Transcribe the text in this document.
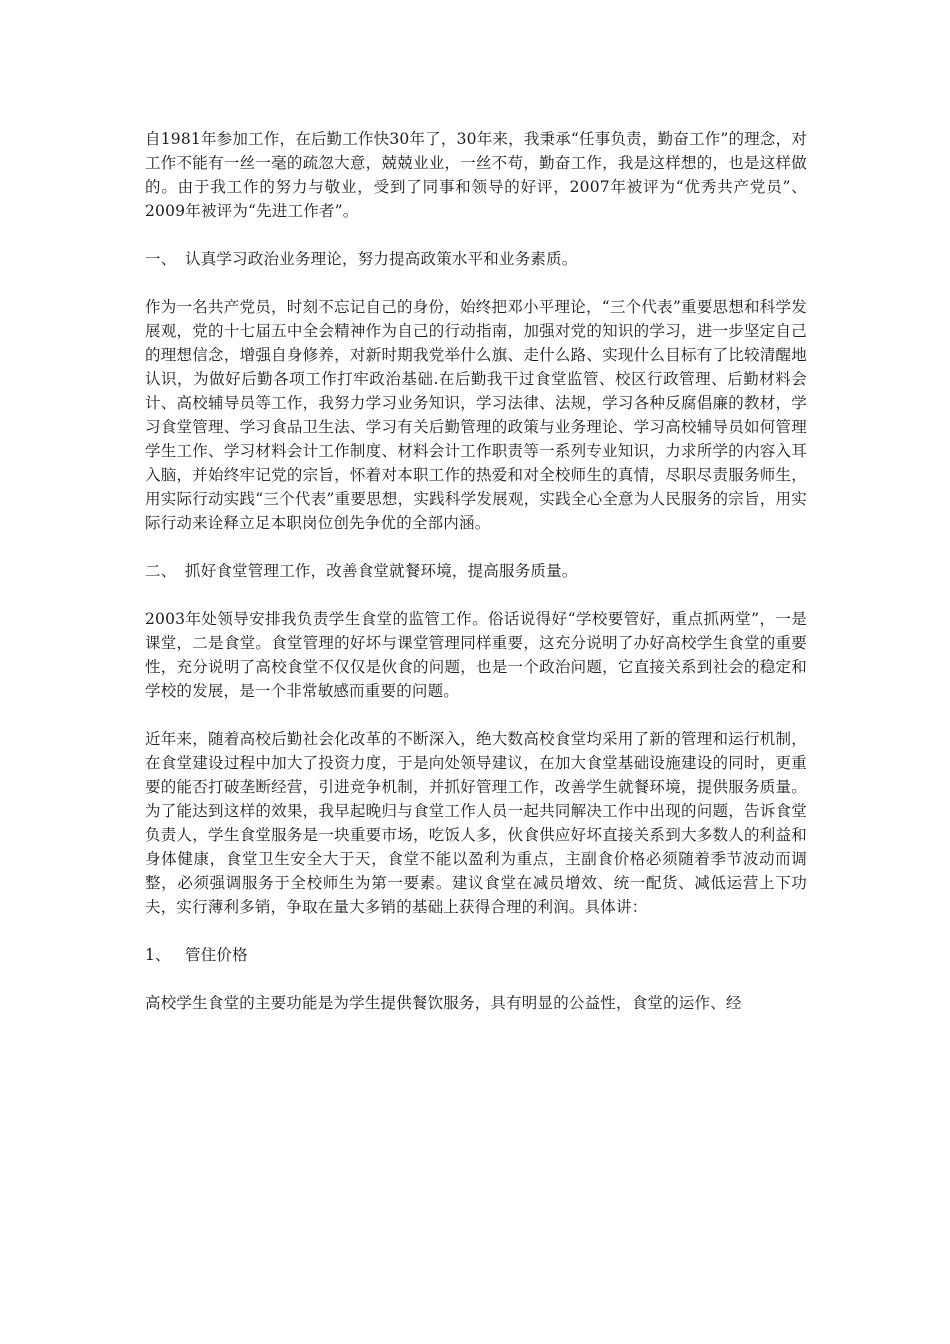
自1981年参加工作，在后勤工作快30年了，30年来，我秉承“任事负责，勤奋工作”的理念，对工作不能有一丝一毫的疏忽大意，兢兢业业，一丝不苟，勤奋工作，我是这样想的，也是这样做的。由于我工作的努力与敬业，受到了同事和领导的好评，2007年被评为“优秀共产党员”、2009年被评为“先进工作者”。

一、 认真学习政治业务理论，努力提高政策水平和业务素质。

作为一名共产党员，时刻不忘记自己的身份，始终把邓小平理论，“三个代表”重要思想和科学发展观，党的十七届五中全会精神作为自己的行动指南，加强对党的知识的学习，进一步坚定自己的理想信念，增强自身修养，对新时期我党举什么旗、走什么路、实现什么目标有了比较清醒地认识，为做好后勤各项工作打牢政治基础.在后勤我干过食堂监管、校区行政管理、后勤材料会计、高校辅导员等工作，我努力学习业务知识，学习法律、法规，学习各种反腐倡廉的教材，学习食堂管理、学习食品卫生法、学习有关后勤管理的政策与业务理论、学习高校辅导员如何管理学生工作、学习材料会计工作制度、材料会计工作职责等一系列专业知识，力求所学的内容入耳入脑，并始终牢记党的宗旨，怀着对本职工作的热爱和对全校师生的真情，尽职尽责服务师生，用实际行动实践“三个代表”重要思想，实践科学发展观，实践全心全意为人民服务的宗旨，用实际行动来诠释立足本职岗位创先争优的全部内涵。

二、 抓好食堂管理工作，改善食堂就餐环境，提高服务质量。

2003年处领导安排我负责学生食堂的监管工作。俗话说得好“学校要管好，重点抓两堂”，一是课堂，二是食堂。食堂管理的好坏与课堂管理同样重要，这充分说明了办好高校学生食堂的重要性，充分说明了高校食堂不仅仅是伙食的问题，也是一个政治问题，它直接关系到社会的稳定和学校的发展，是一个非常敏感而重要的问题。

近年来，随着高校后勤社会化改革的不断深入，绝大数高校食堂均采用了新的管理和运行机制，在食堂建设过程中加大了投资力度，于是向处领导建议，在加大食堂基础设施建设的同时，更重要的能否打破垄断经营，引进竞争机制，并抓好管理工作，改善学生就餐环境，提供服务质量。为了能达到这样的效果，我早起晚归与食堂工作人员一起共同解决工作中出现的问题，告诉食堂负责人，学生食堂服务是一块重要市场，吃饭人多，伙食供应好坏直接关系到大多数人的利益和身体健康，食堂卫生安全大于天，食堂不能以盈利为重点，主副食价格必须随着季节波动而调整，必须强调服务于全校师生为第一要素。建议食堂在减员增效、统一配货、减低运营上下功夫，实行薄利多销，争取在量大多销的基础上获得合理的利润。具体讲：

1、 管住价格

高校学生食堂的主要功能是为学生提供餐饮服务，具有明显的公益性，食堂的运作、经
